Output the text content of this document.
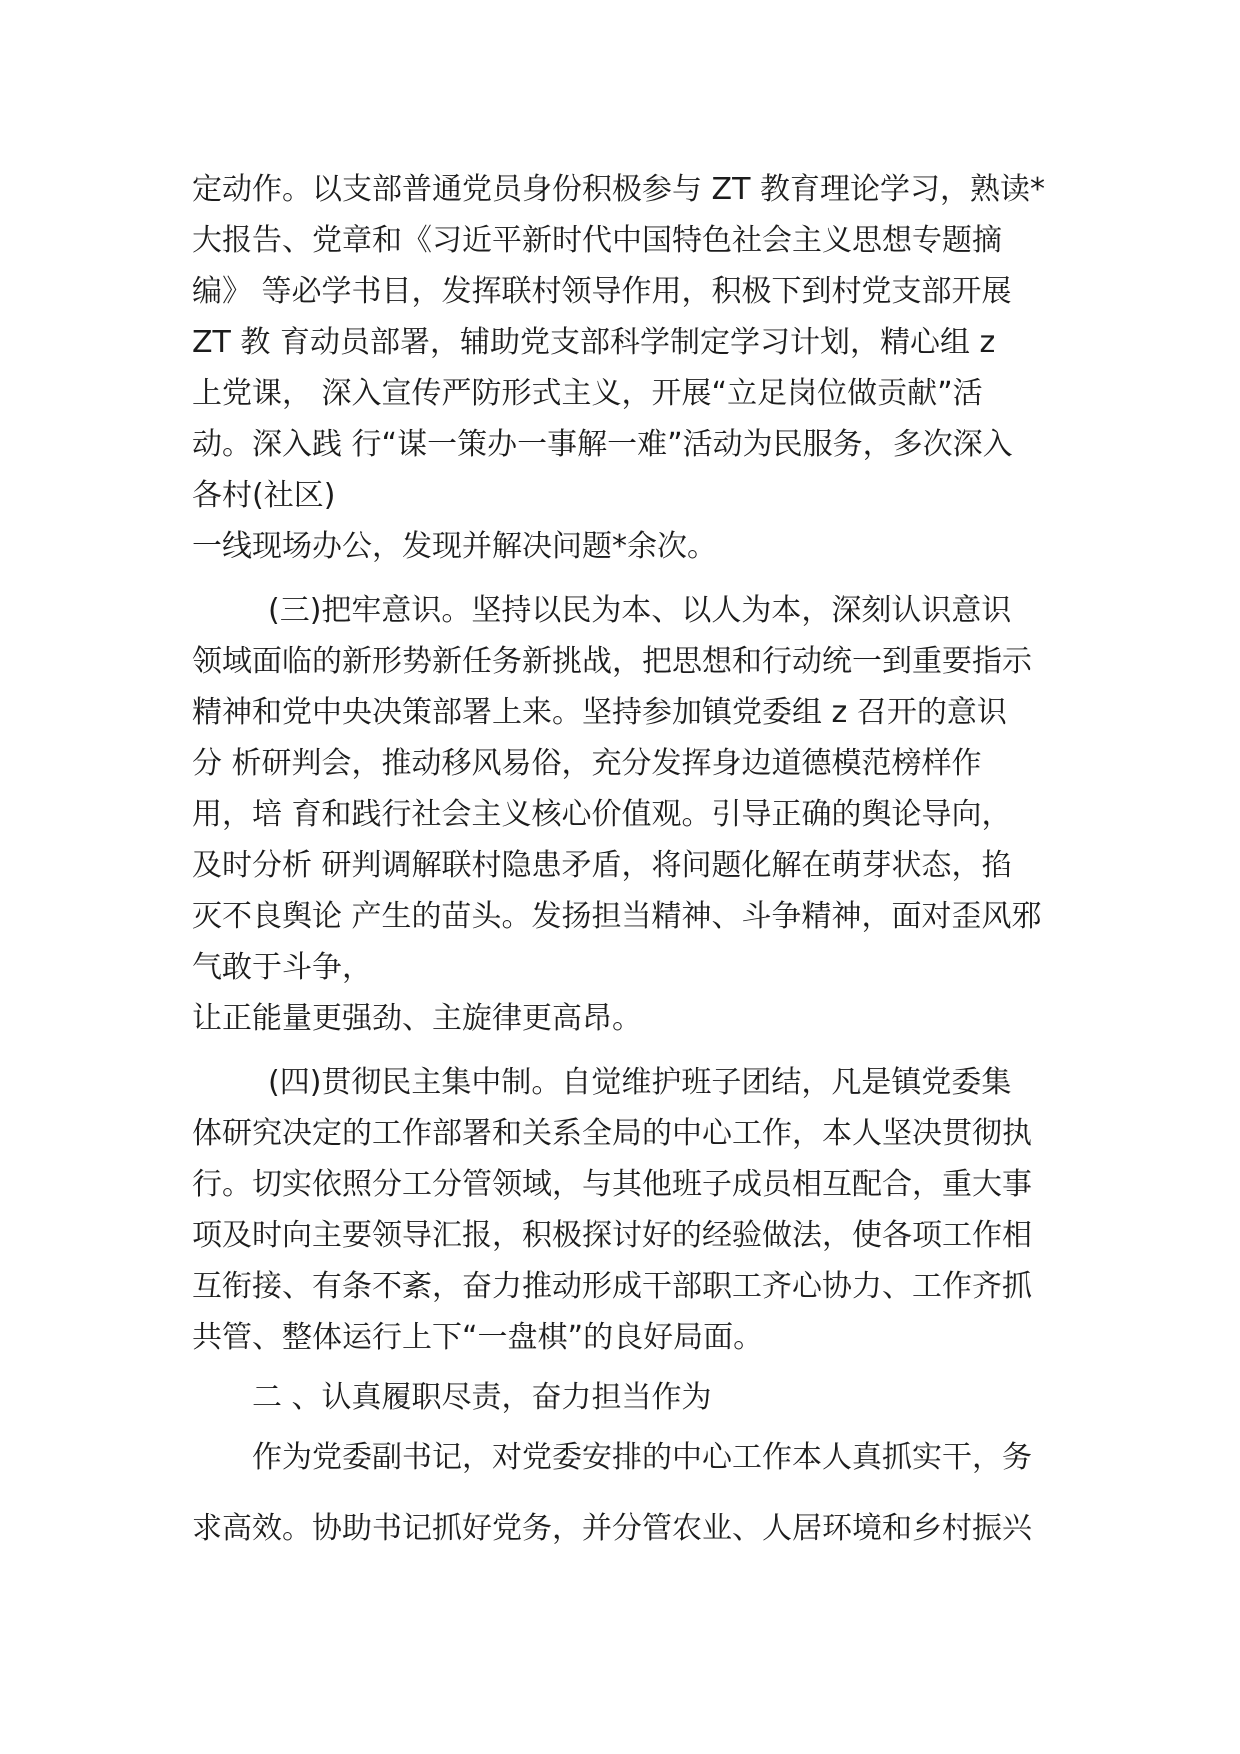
定动作。以支部普通党员身份积极参与 ZT 教育理论学习，熟读*
大报告、党章和《习近平新时代中国特色社会主义思想专题摘
编》 等必学书目，发挥联村领导作用，积极下到村党支部开展
ZT 教 育动员部署，辅助党支部科学制定学习计划，精心组 z
上党课， 深入宣传严防形式主义，开展“立足岗位做贡献”活
动。深入践 行“谋一策办一事解一难”活动为民服务，多次深入
各村(社区)
一线现场办公，发现并解决问题*余次。
(三)把牢意识。坚持以民为本、以人为本，深刻认识意识
领域面临的新形势新任务新挑战，把思想和行动统一到重要指示
精神和党中央决策部署上来。坚持参加镇党委组 z 召开的意识
分 析研判会，推动移风易俗，充分发挥身边道德模范榜样作
用，培 育和践行社会主义核心价值观。引导正确的舆论导向，
及时分析 研判调解联村隐患矛盾，将问题化解在萌芽状态，掐
灭不良舆论 产生的苗头。发扬担当精神、斗争精神，面对歪风邪
气敢于斗争，
让正能量更强劲、主旋律更高昂。
(四)贯彻民主集中制。自觉维护班子团结，凡是镇党委集
体研究决定的工作部署和关系全局的中心工作，本人坚决贯彻执
行。切实依照分工分管领域，与其他班子成员相互配合，重大事
项及时向主要领导汇报，积极探讨好的经验做法，使各项工作相
互衔接、有条不紊，奋力推动形成干部职工齐心协力、工作齐抓
共管、整体运行上下“一盘棋”的良好局面。
二 、认真履职尽责，奋力担当作为
作为党委副书记，对党委安排的中心工作本人真抓实干，务
求高效。协助书记抓好党务，并分管农业、人居环境和乡村振兴
